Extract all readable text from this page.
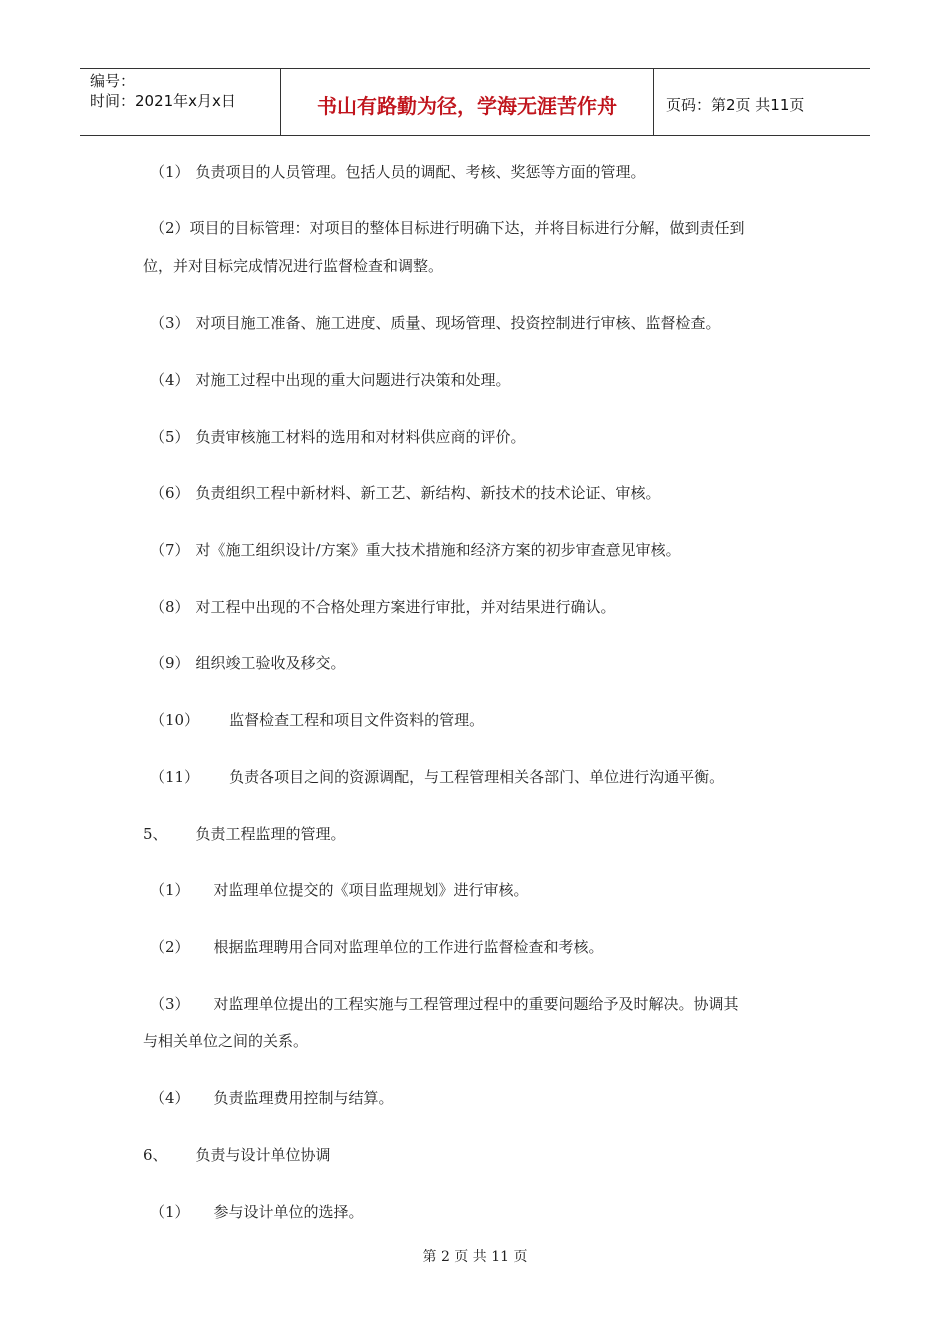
编号：
时间：2021年x月x日	书山有路勤为径，学海无涯苦作舟	页码：第2页 共11页
（1） 负责项目的人员管理。包括人员的调配、考核、奖惩等方面的管理。
（2）项目的目标管理：对项目的整体目标进行明确下达，并将目标进行分解，做到责任到
位，并对目标完成情况进行监督检查和调整。
（3） 对项目施工准备、施工进度、质量、现场管理、投资控制进行审核、监督检查。
（4） 对施工过程中出现的重大问题进行决策和处理。
（5） 负责审核施工材料的选用和对材料供应商的评价。
（6） 负责组织工程中新材料、新工艺、新结构、新技术的技术论证、审核。
（7） 对《施工组织设计/方案》重大技术措施和经济方案的初步审查意见审核。
（8） 对工程中出现的不合格处理方案进行审批，并对结果进行确认。
（9） 组织竣工验收及移交。
（10） 监督检查工程和项目文件资料的管理。
（11） 负责各项目之间的资源调配，与工程管理相关各部门、单位进行沟通平衡。
5、 负责工程监理的管理。
（1） 对监理单位提交的《项目监理规划》进行审核。
（2） 根据监理聘用合同对监理单位的工作进行监督检查和考核。
（3） 对监理单位提出的工程实施与工程管理过程中的重要问题给予及时解决。协调其
与相关单位之间的关系。
（4） 负责监理费用控制与结算。
6、 负责与设计单位协调
（1） 参与设计单位的选择。
第 2 页 共 11 页
